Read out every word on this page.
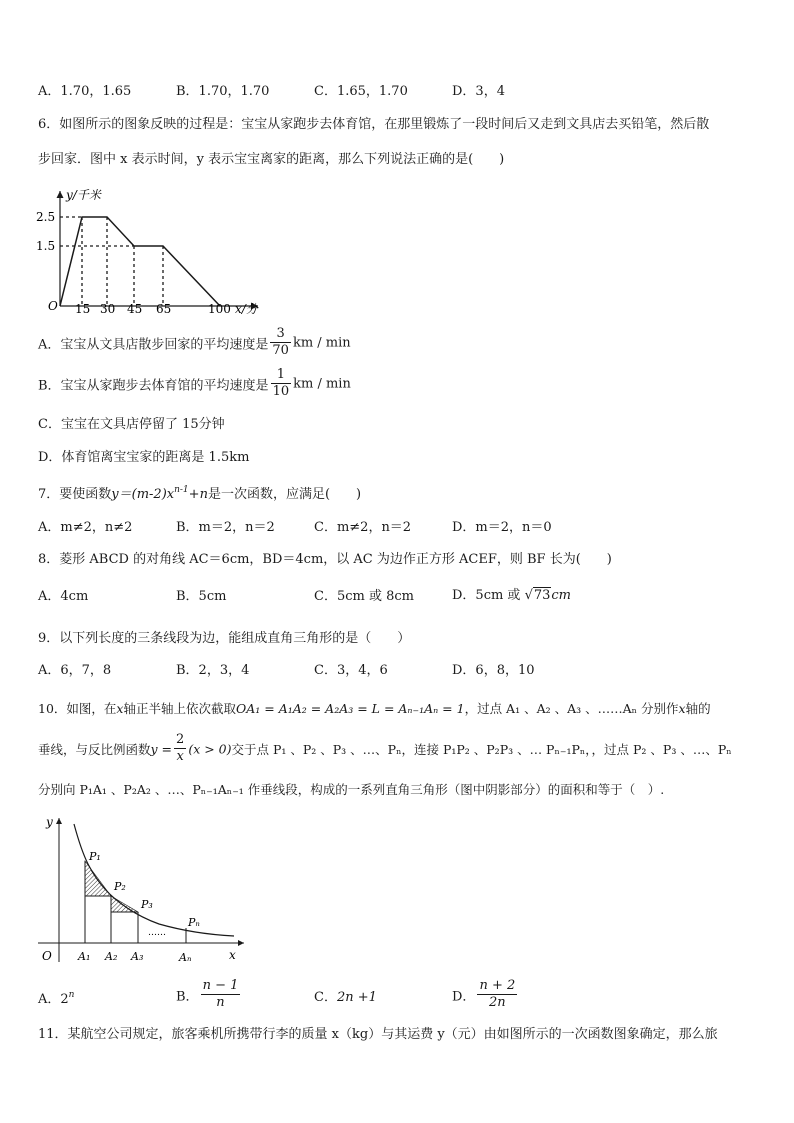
A．1.70，1.65	B．1.70，1.70	C．1.65，1.70	D．3，4
6．如图所示的图象反映的过程是：宝宝从家跑步去体育馆，在那里锻炼了一段时间后又走到文具店去买铅笔，然后散
步回家．图中 x 表示时间，y 表示宝宝离家的距离，那么下列说法正确的是(　　)
y/千米
2.5
1.5
O 15 30 45 65	100 x/分
A．宝宝从文具店散步回家的平均速度是 $\frac{3}{70}$ km / min
B．宝宝从家跑步去体育馆的平均速度是 $\frac{1}{10}$ km / min
C．宝宝在文具店停留了 15分钟
D．体育馆离宝宝家的距离是 1.5km
7．要使函数$y=(m-2)x^{n-1}+n$是一次函数，应满足(　　)
A．m≠2，n≠2	B．m＝2，n＝2	C．m≠2，n＝2	D．m＝2，n＝0
8．菱形 ABCD 的对角线 AC＝6cm，BD＝4cm，以 AC 为边作正方形 ACEF，则 BF 长为(　　)
A．4cm	B．5cm	C．5cm 或 8cm	D．5cm 或 √73cm
9．以下列长度的三条线段为边，能组成直角三角形的是（　　）
A．6，7，8	B．2，3，4	C．3，4，6	D．6，8，10
10．如图，在x轴正半轴上依次截取OA₁ = A₁A₂ = A₂A₃ = L = Aₙ₋₁Aₙ = 1，过点 A₁ 、A₂ 、A₃ 、……Aₙ 分别作x轴的
垂线，与反比例函数$y = \frac{2}{x} (x > 0)$交于点 P₁ 、P₂ 、P₃ 、…、Pₙ，连接 P₁P₂ 、P₂P₃ 、… Pₙ₋₁Pₙ，，过点 P₂ 、P₃ 、…、Pₙ
分别向 P₁A₁ 、P₂A₂ 、…、Pₙ₋₁Aₙ₋₁ 作垂线段，构成的一系列直角三角形（图中阴影部分）的面积和等于（　）.
……
y
x
O
P₁
P₂
P₃
Pₙ
A₁ A₂ A₃	Aₙ
A．2$^n$	B． $\frac{n - 1}{n}$	C．2n +1	D． $\frac{n + 2}{2n}$
11．某航空公司规定，旅客乘机所携带行李的质量 x（kg）与其运费 y（元）由如图所示的一次函数图象确定，那么旅
